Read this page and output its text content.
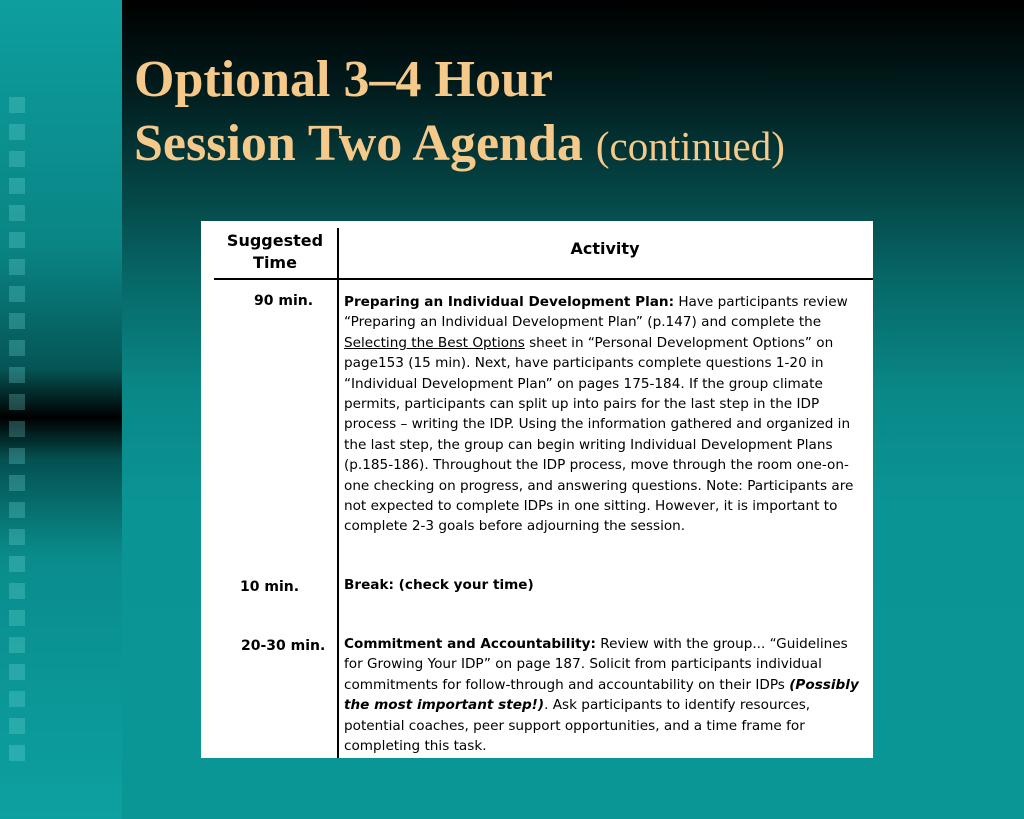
Optional 3–4 Hour
Session Two Agenda (continued)
Suggested Time
Activity
90 min. Preparing an Individual Development Plan: Have participants review “Preparing an Individual Development Plan” (p.147) and complete the Selecting the Best Options sheet in “Personal Development Options” on page153 (15 min). Next, have participants complete questions 1-20 in “Individual Development Plan” on pages 175-184. If the group climate permits, participants can split up into pairs for the last step in the IDP process – writing the IDP. Using the information gathered and organized in the last step, the group can begin writing Individual Development Plans (p.185-186). Throughout the IDP process, move through the room one-on-one checking on progress, and answering questions. Note: Participants are not expected to complete IDPs in one sitting. However, it is important to complete 2-3 goals before adjourning the session.

10 min.	Break: (check your time)

20-30 min. Commitment and Accountability: Review with the group... “Guidelines for Growing Your IDP” on page 187. Solicit from participants individual commitments for follow-through and accountability on their IDPs (Possibly the most important step!). Ask participants to identify resources, potential coaches, peer support opportunities, and a time frame for completing this task.
